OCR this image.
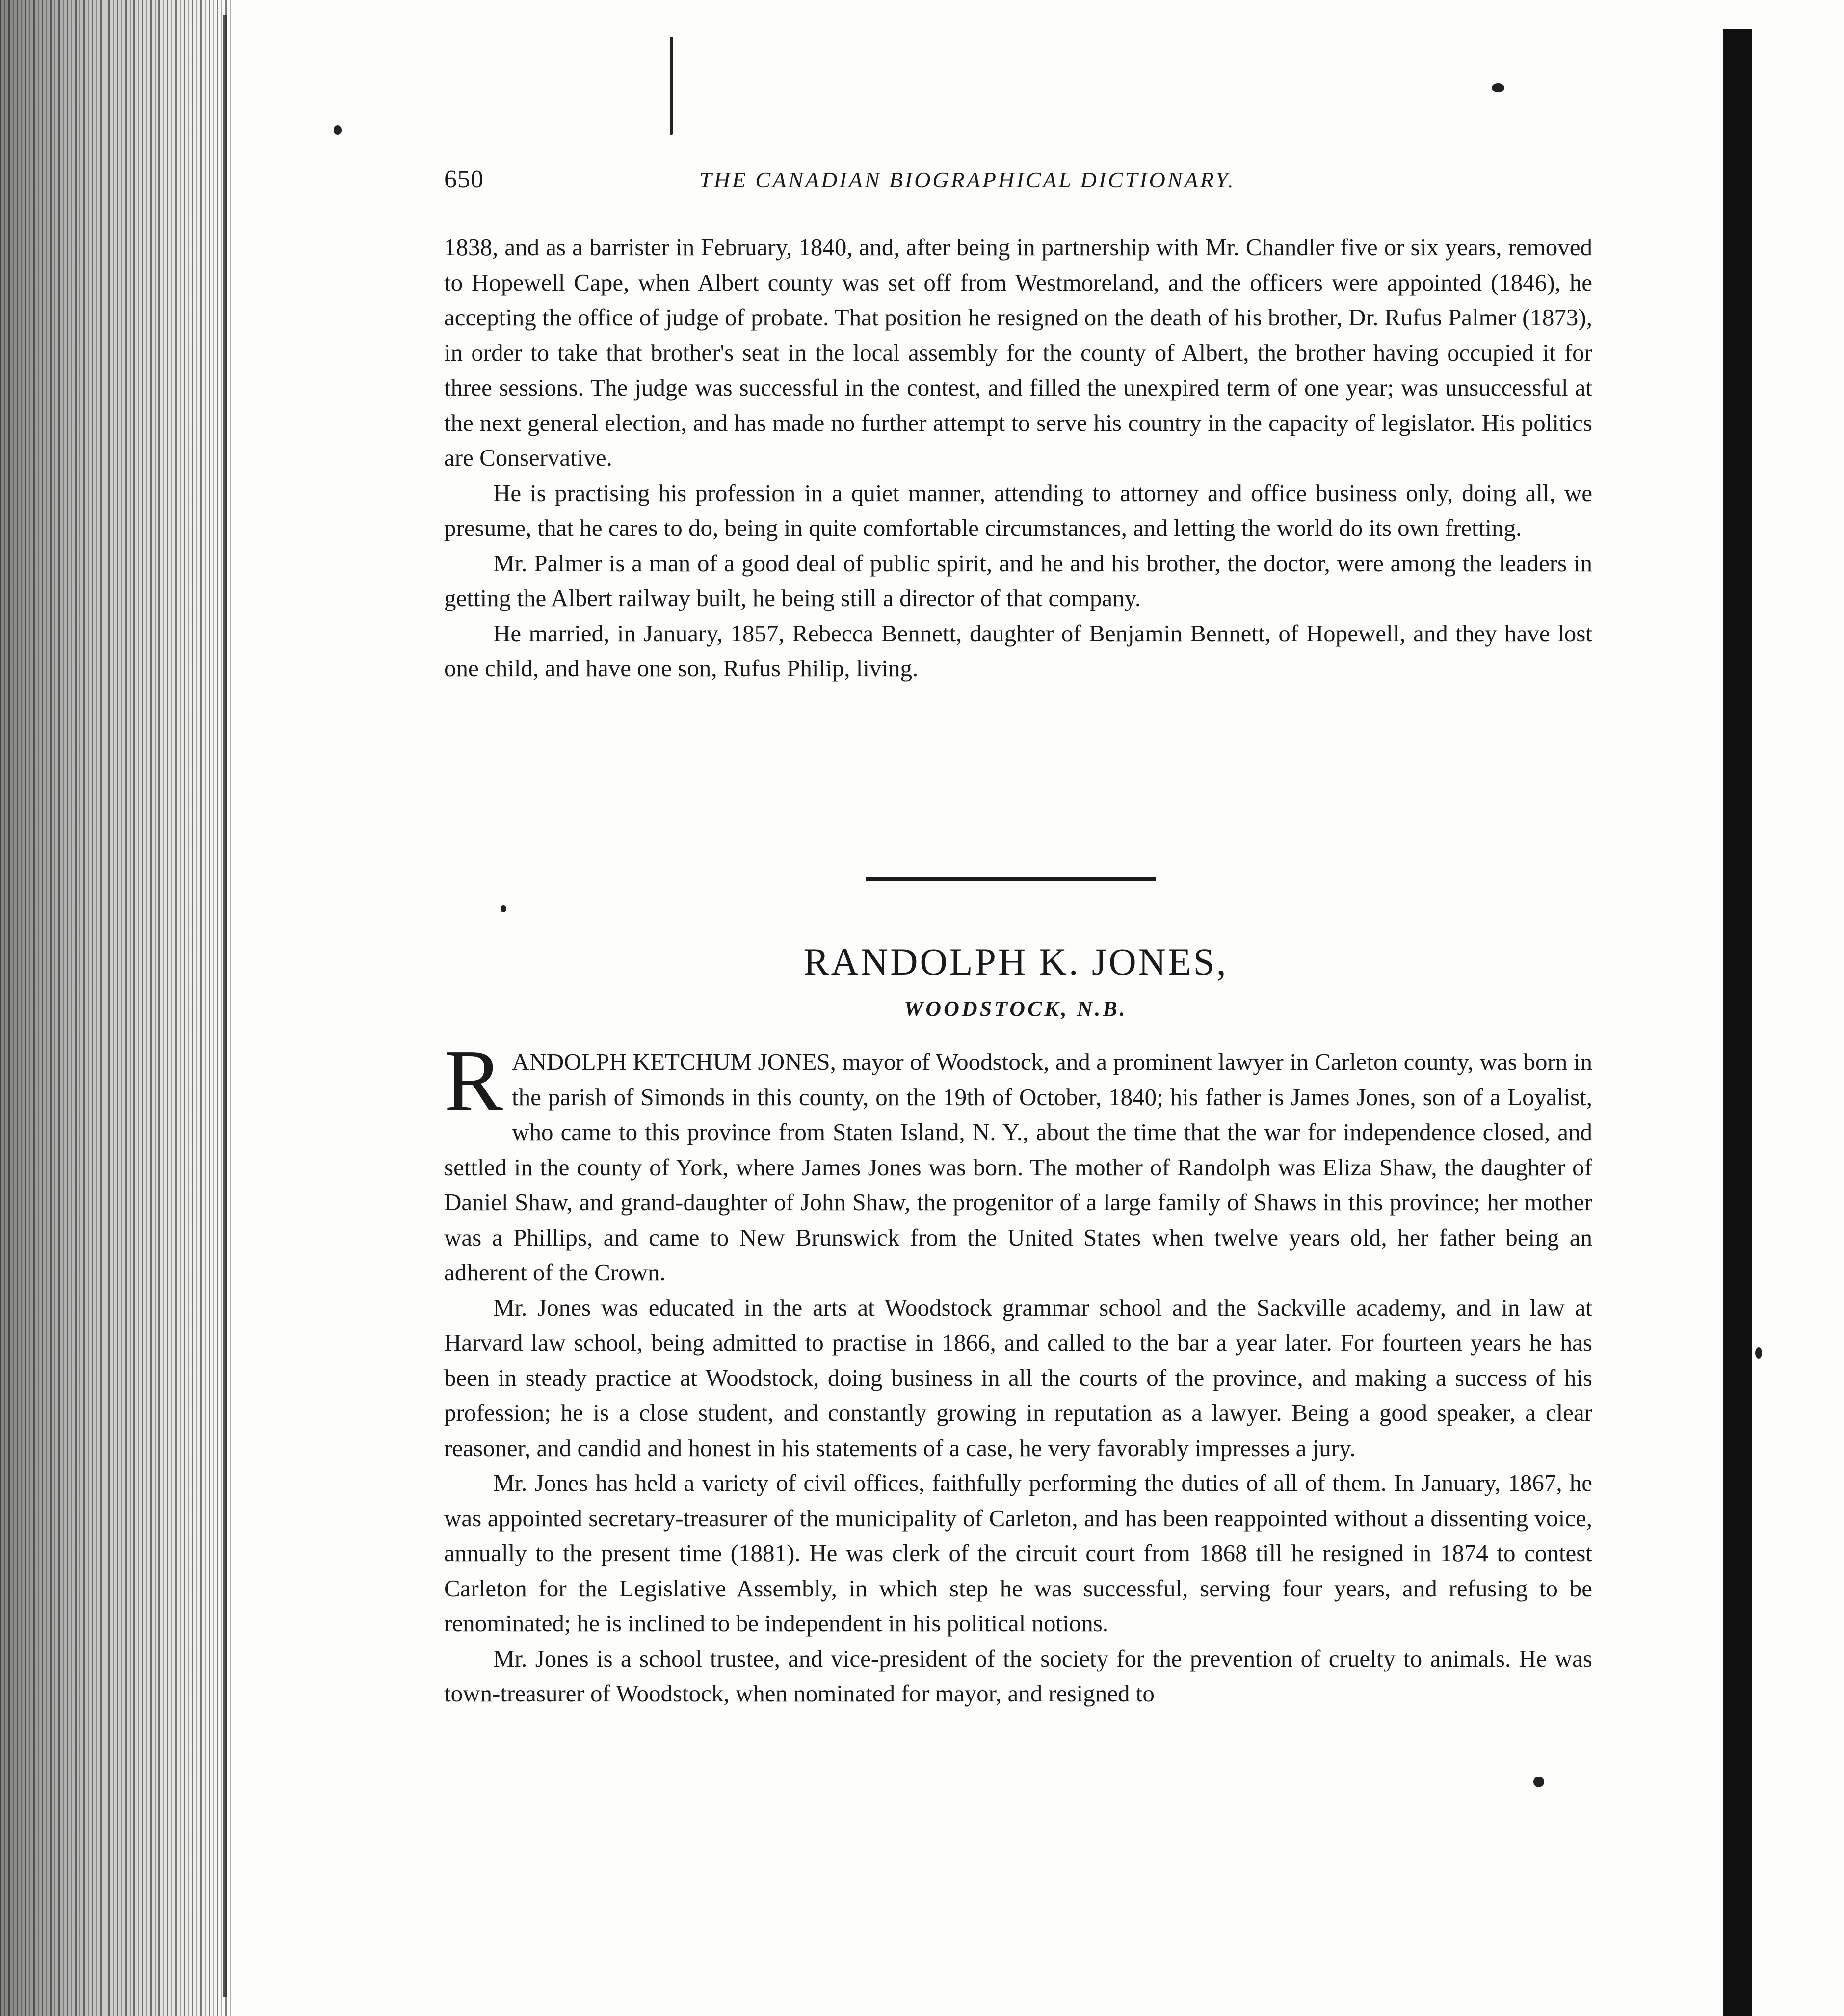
650	THE CANADIAN BIOGRAPHICAL DICTIONARY.

1838, and as a barrister in February, 1840, and, after being in partnership with Mr. Chandler five or six years, removed to Hopewell Cape, when Albert county was set off from Westmoreland, and the officers were appointed (1846), he accepting the office of judge of probate. That position he resigned on the death of his brother, Dr. Rufus Palmer (1873), in order to take that brother's seat in the local assembly for the county of Albert, the brother having occupied it for three sessions. The judge was successful in the contest, and filled the unexpired term of one year; was unsuccessful at the next general election, and has made no further attempt to serve his country in the capacity of legislator. His politics are Conservative.

He is practising his profession in a quiet manner, attending to attorney and office business only, doing all, we presume, that he cares to do, being in quite comfortable circumstances, and letting the world do its own fretting.

Mr. Palmer is a man of a good deal of public spirit, and he and his brother, the doctor, were among the leaders in getting the Albert railway built, he being still a director of that company.

He married, in January, 1857, Rebecca Bennett, daughter of Benjamin Bennett, of Hopewell, and they have lost one child, and have one son, Rufus Philip, living.

RANDOLPH K. JONES,
WOODSTOCK, N.B.

RANDOLPH KETCHUM JONES, mayor of Woodstock, and a prominent lawyer in Carleton county, was born in the parish of Simonds in this county, on the 19th of October, 1840; his father is James Jones, son of a Loyalist, who came to this province from Staten Island, N. Y., about the time that the war for independence closed, and settled in the county of York, where James Jones was born. The mother of Randolph was Eliza Shaw, the daughter of Daniel Shaw, and grand-daughter of John Shaw, the progenitor of a large family of Shaws in this province; her mother was a Phillips, and came to New Brunswick from the United States when twelve years old, her father being an adherent of the Crown.

Mr. Jones was educated in the arts at Woodstock grammar school and the Sackville academy, and in law at Harvard law school, being admitted to practise in 1866, and called to the bar a year later. For fourteen years he has been in steady practice at Woodstock, doing business in all the courts of the province, and making a success of his profession; he is a close student, and constantly growing in reputation as a lawyer. Being a good speaker, a clear reasoner, and candid and honest in his statements of a case, he very favorably impresses a jury.

Mr. Jones has held a variety of civil offices, faithfully performing the duties of all of them. In January, 1867, he was appointed secretary-treasurer of the municipality of Carleton, and has been reappointed without a dissenting voice, annually to the present time (1881). He was clerk of the circuit court from 1868 till he resigned in 1874 to contest Carleton for the Legislative Assembly, in which step he was successful, serving four years, and refusing to be renominated; he is inclined to be independent in his political notions.

Mr. Jones is a school trustee, and vice-president of the society for the prevention of cruelty to animals. He was town-treasurer of Woodstock, when nominated for mayor, and resigned to
